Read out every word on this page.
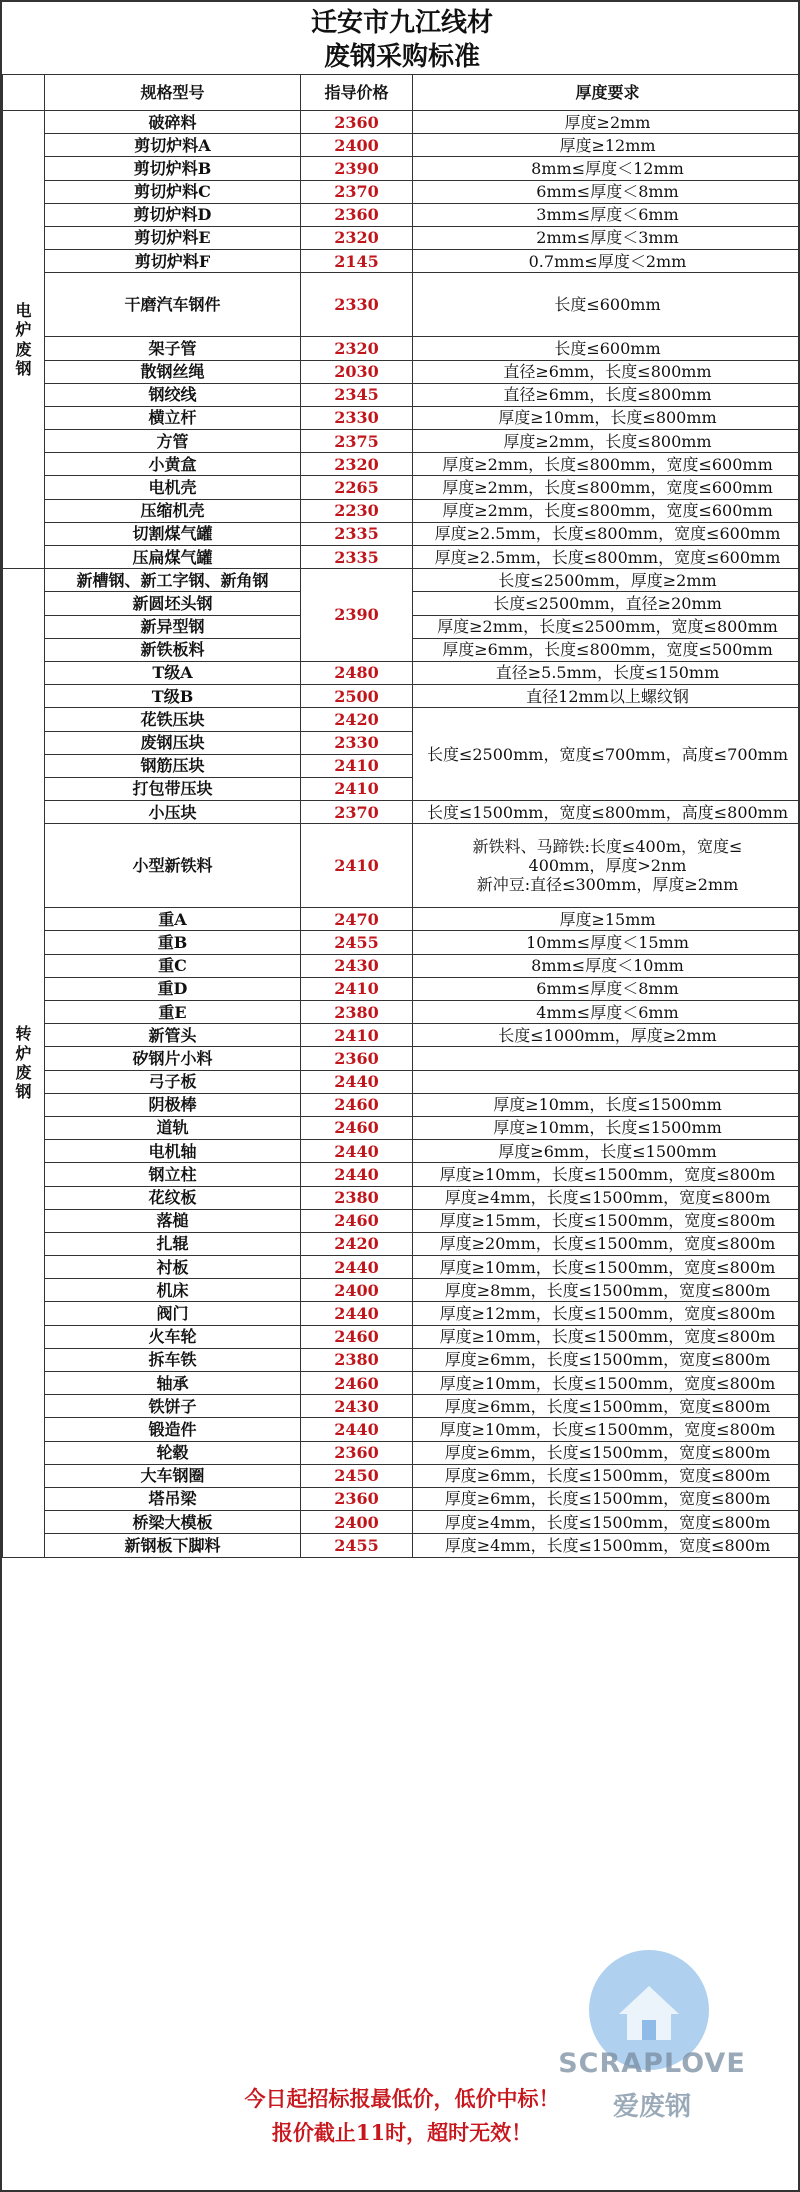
迁安市九江线材
废钢采购标准
	规格型号	指导价格	厚度要求

电
炉
废
钢	破碎料	2360	厚度≥2mm
	剪切炉料A	2400	厚度≥12mm
	剪切炉料B	2390	8mm≤厚度＜12mm
	剪切炉料C	2370	6mm≤厚度＜8mm
	剪切炉料D	2360	3mm≤厚度＜6mm
	剪切炉料E	2320	2mm≤厚度＜3mm
	剪切炉料F	2145	0.7mm≤厚度＜2mm
	干磨汽车钢件	2330	长度≤600mm
	架子管	2320	长度≤600mm
	散钢丝绳	2030	直径≥6mm，长度≤800mm
	钢绞线	2345	直径≥6mm，长度≤800mm
	横立杆	2330	厚度≥10mm，长度≤800mm
	方管	2375	厚度≥2mm，长度≤800mm
	小黄盒	2320	厚度≥2mm，长度≤800mm，宽度≤600mm
	电机壳	2265	厚度≥2mm，长度≤800mm，宽度≤600mm
	压缩机壳	2230	厚度≥2mm，长度≤800mm，宽度≤600mm
	切割煤气罐	2335	厚度≥2.5mm，长度≤800mm，宽度≤600mm
	压扁煤气罐	2335	厚度≥2.5mm，长度≤800mm，宽度≤600mm

转
炉
废
钢	新槽钢、新工字钢、新角钢	2390	长度≤2500mm，厚度≥2mm
	新圆坯头钢		长度≤2500mm，直径≥20mm
	新异型钢		厚度≥2mm，长度≤2500mm，宽度≤800mm
	新铁板料		厚度≥6mm，长度≤800mm，宽度≤500mm
	T级A	2480	直径≥5.5mm，长度≤150mm
	T级B	2500	直径12mm以上螺纹钢
	花铁压块	2420	长度≤2500mm，宽度≤700mm，高度≤700mm
	废钢压块	2330	
	钢筋压块	2410	
	打包带压块	2410	
	小压块	2370	长度≤1500mm，宽度≤800mm，高度≤800mm
	小型新铁料	2410	新铁料、马蹄铁:长度≤400m，宽度≤
400mm，厚度>2nm
新冲豆:直径≤300mm，厚度≥2mm

	重A	2470	厚度≥15mm
	重B	2455	10mm≤厚度＜15mm
	重C	2430	8mm≤厚度＜10mm
	重D	2410	6mm≤厚度＜8mm
	重E	2380	4mm≤厚度＜6mm
	新管头	2410	长度≤1000mm，厚度≥2mm
	矽钢片小料	2360	
	弓子板	2440	
	阴极棒	2460	厚度≥10mm，长度≤1500mm
	道轨	2460	厚度≥10mm，长度≤1500mm
	电机轴	2440	厚度≥6mm，长度≤1500mm
	钢立柱	2440	厚度≥10mm，长度≤1500mm，宽度≤800m
	花纹板	2380	厚度≥4mm，长度≤1500mm，宽度≤800m
	落槌	2460	厚度≥15mm，长度≤1500mm，宽度≤800m
	扎辊	2420	厚度≥20mm，长度≤1500mm，宽度≤800m
	衬板	2440	厚度≥10mm，长度≤1500mm，宽度≤800m
	机床	2400	厚度≥8mm，长度≤1500mm，宽度≤800m
	阀门	2440	厚度≥12mm，长度≤1500mm，宽度≤800m
	火车轮	2460	厚度≥10mm，长度≤1500mm，宽度≤800m
	拆车铁	2380	厚度≥6mm，长度≤1500mm，宽度≤800m
	轴承	2460	厚度≥10mm，长度≤1500mm，宽度≤800m
	铁饼子	2430	厚度≥6mm，长度≤1500mm，宽度≤800m
	锻造件	2440	厚度≥10mm，长度≤1500mm，宽度≤800m
	轮毂	2360	厚度≥6mm，长度≤1500mm，宽度≤800m
	大车钢圈	2450	厚度≥6mm，长度≤1500mm，宽度≤800m
	塔吊梁	2360	厚度≥6mm，长度≤1500mm，宽度≤800m
	桥梁大模板	2400	厚度≥4mm，长度≤1500mm，宽度≤800m
	新钢板下脚料	2455	厚度≥4mm，长度≤1500mm，宽度≤800m
今日起招标报最低价，低价中标！
报价截止11时，超时无效！
SCRAPLOVE
爱废钢
